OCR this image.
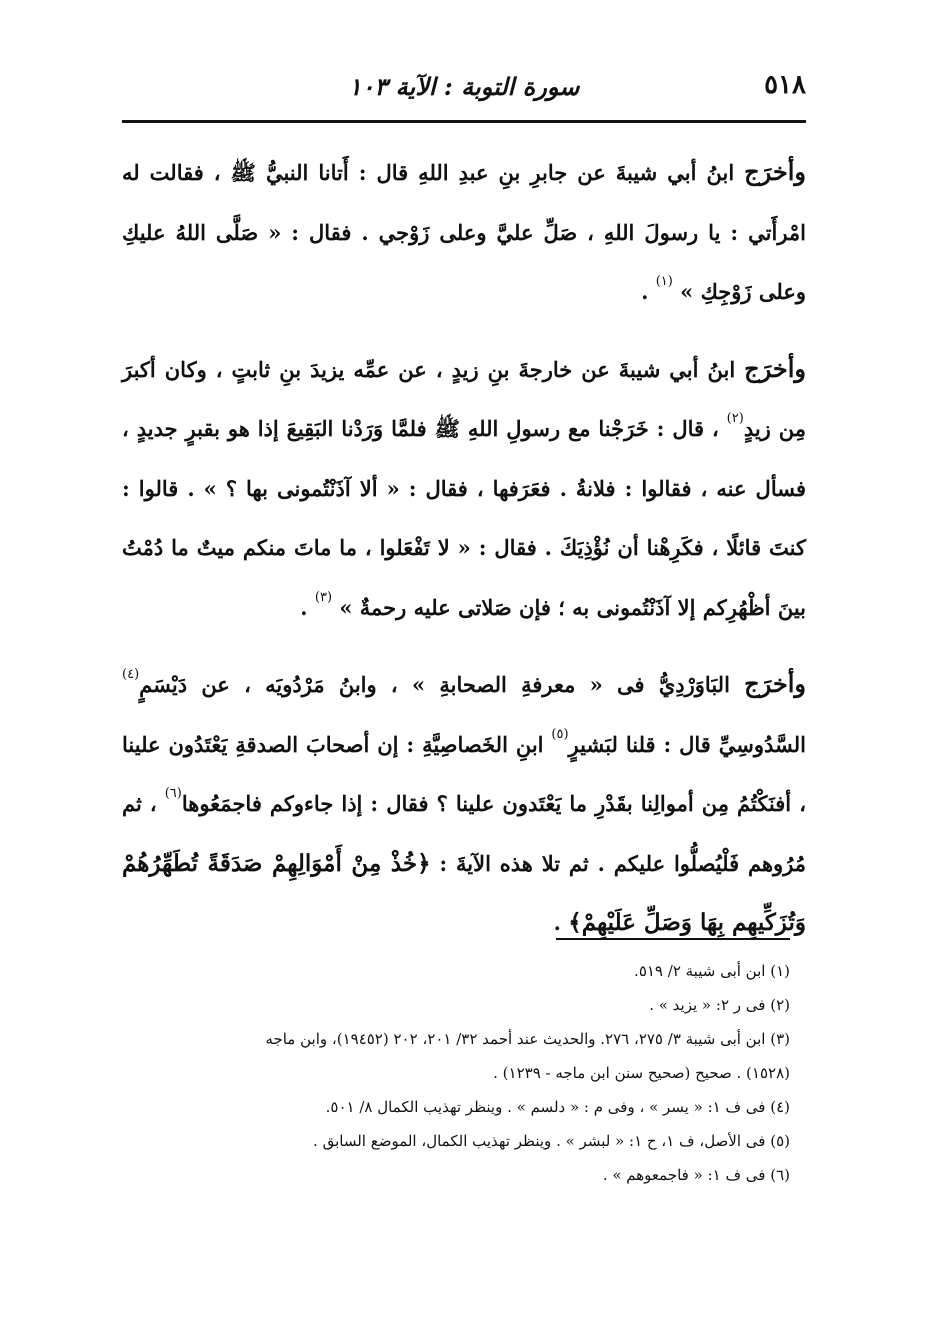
٥١٨
سورة التوبة : الآية ١٠٣

وأخرَج ابنُ أبي شيبةَ عن جابرِ بنِ عبدِ اللهِ قال : أَتانا النبيُّ ﷺ ، فقالت له امْرأَتي : يا رسولَ اللهِ ، صَلِّ عليَّ وعلى زَوْجي . فقال : « صَلَّى اللهُ عليكِ وعلى زَوْجِكِ » $^{(١)}$ .

وأخرَج ابنُ أبي شيبةَ عن خارجةَ بنِ زيدٍ ، عن عمِّه يزيدَ بنِ ثابتٍ ، وكان أكبرَ مِن زيدٍ$^{(٢)}$ ، قال : خَرَجْنا مع رسولِ اللهِ ﷺ فلمَّا وَرَدْنا البَقِيعَ إذا هو بقبرٍ جديدٍ ، فسأل عنه ، فقالوا : فلانةُ . فعَرَفها ، فقال : « ألا آذَنْتُمونى بها ؟ » . قالوا : كنتَ قائلًا ، فكَرِهْنا أن نُؤْذِيَكَ . فقال : « لا تَفْعَلوا ، ما ماتَ منكم ميتٌ ما دُمْتُ بينَ أظْهُرِكم إلا آذَنْتُمونى به ؛ فإن صَلاتى عليه رحمةٌ » $^{(٣)}$ .

وأخرَج البَاوَرْدِيُّ فى « معرفةِ الصحابةِ » ، وابنُ مَرْدُويَه ، عن دَيْسَمٍ$^{(٤)}$ السَّدُوسِيِّ قال : قلنا لبَشيرٍ$^{(٥)}$ ابنِ الخَصاصِيَّةِ : إن أصحابَ الصدقةِ يَعْتَدُون علينا ، أفنَكْتُمُ مِن أموالِنا بقَدْرِ ما يَعْتَدون علينا ؟ فقال : إذا جاءوكم فاجمَعُوها$^{(٦)}$ ، ثم مُرُوهم فَلْيُصلُّوا عليكم . ثم تلا هذه الآيةَ : ﴿خُذْ مِنْ أَمْوَالِهِمْ صَدَقَةً تُطَهِّرُهُمْ وَتُزَكِّيهِم بِهَا وَصَلِّ عَلَيْهِمْ﴾ .

(١) ابن أبى شيبة ٢/ ٥١٩.

(٢) فى ر ٢: « يزيد » .

(٣) ابن أبى شيبة ٣/ ٢٧٥، ٢٧٦. والحديث عند أحمد ٣٢/ ٢٠١، ٢٠٢ (١٩٤٥٢)، وابن ماجه

(١٥٢٨) . صحيح (صحيح سنن ابن ماجه - ١٢٣٩) .

(٤) فى ف ١: « يسر » ، وفى م : « دلسم » . وينظر تهذيب الكمال ٨/ ٥٠١.

(٥) فى الأصل، ف ١، ح ١: « لبشر » . وينظر تهذيب الكمال، الموضع السابق .

(٦) فى ف ١: « فاجمعوهم » .
